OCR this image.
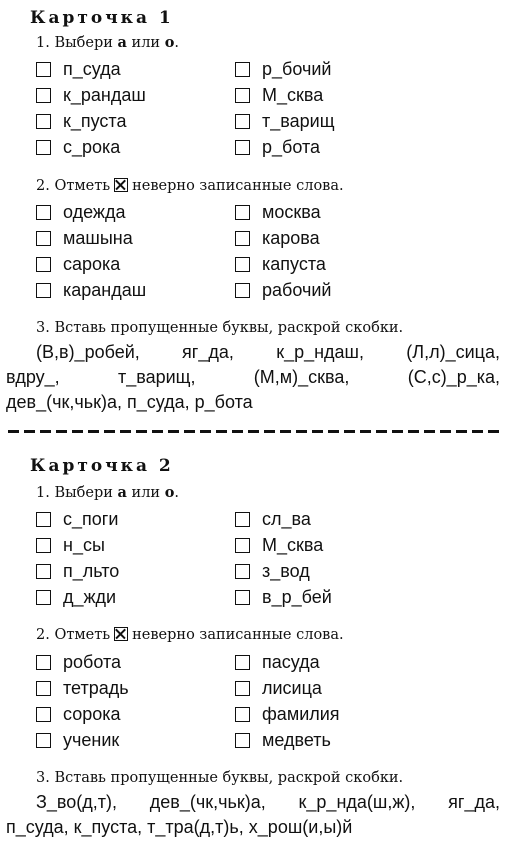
Карточка 1
1. Выбери а или о.
п_суда
к_рандаш
к_пуста
с_рока
р_бочий
М_сква
т_варищ
р_бота
2. Отметь неверно записанные слова.
одежда
машына
сарока
карандаш
москва
карова
капуста
рабочий
3. Вставь пропущенные буквы, раскрой скобки.
(В,в)_робей, яг_да, к_р_ндаш, (Л,л)_сица,
вдру_, т_варищ, (М,м)_сква, (С,с)_р_ка,
дев_(чк,чьк)а, п_суда, р_бота
Карточка 2
1. Выбери а или о.
с_поги
н_сы
п_льто
д_жди
сл_ва
М_сква
з_вод
в_р_бей
2. Отметь неверно записанные слова.
робота
тетрадь
сорока
ученик
пасуда
лисица
фамилия
медветь
3. Вставь пропущенные буквы, раскрой скобки.
З_во(д,т), дев_(чк,чьк)а, к_р_нда(ш,ж), яг_да,
п_суда, к_пуста, т_тра(д,т)ь, х_рош(и,ы)й
